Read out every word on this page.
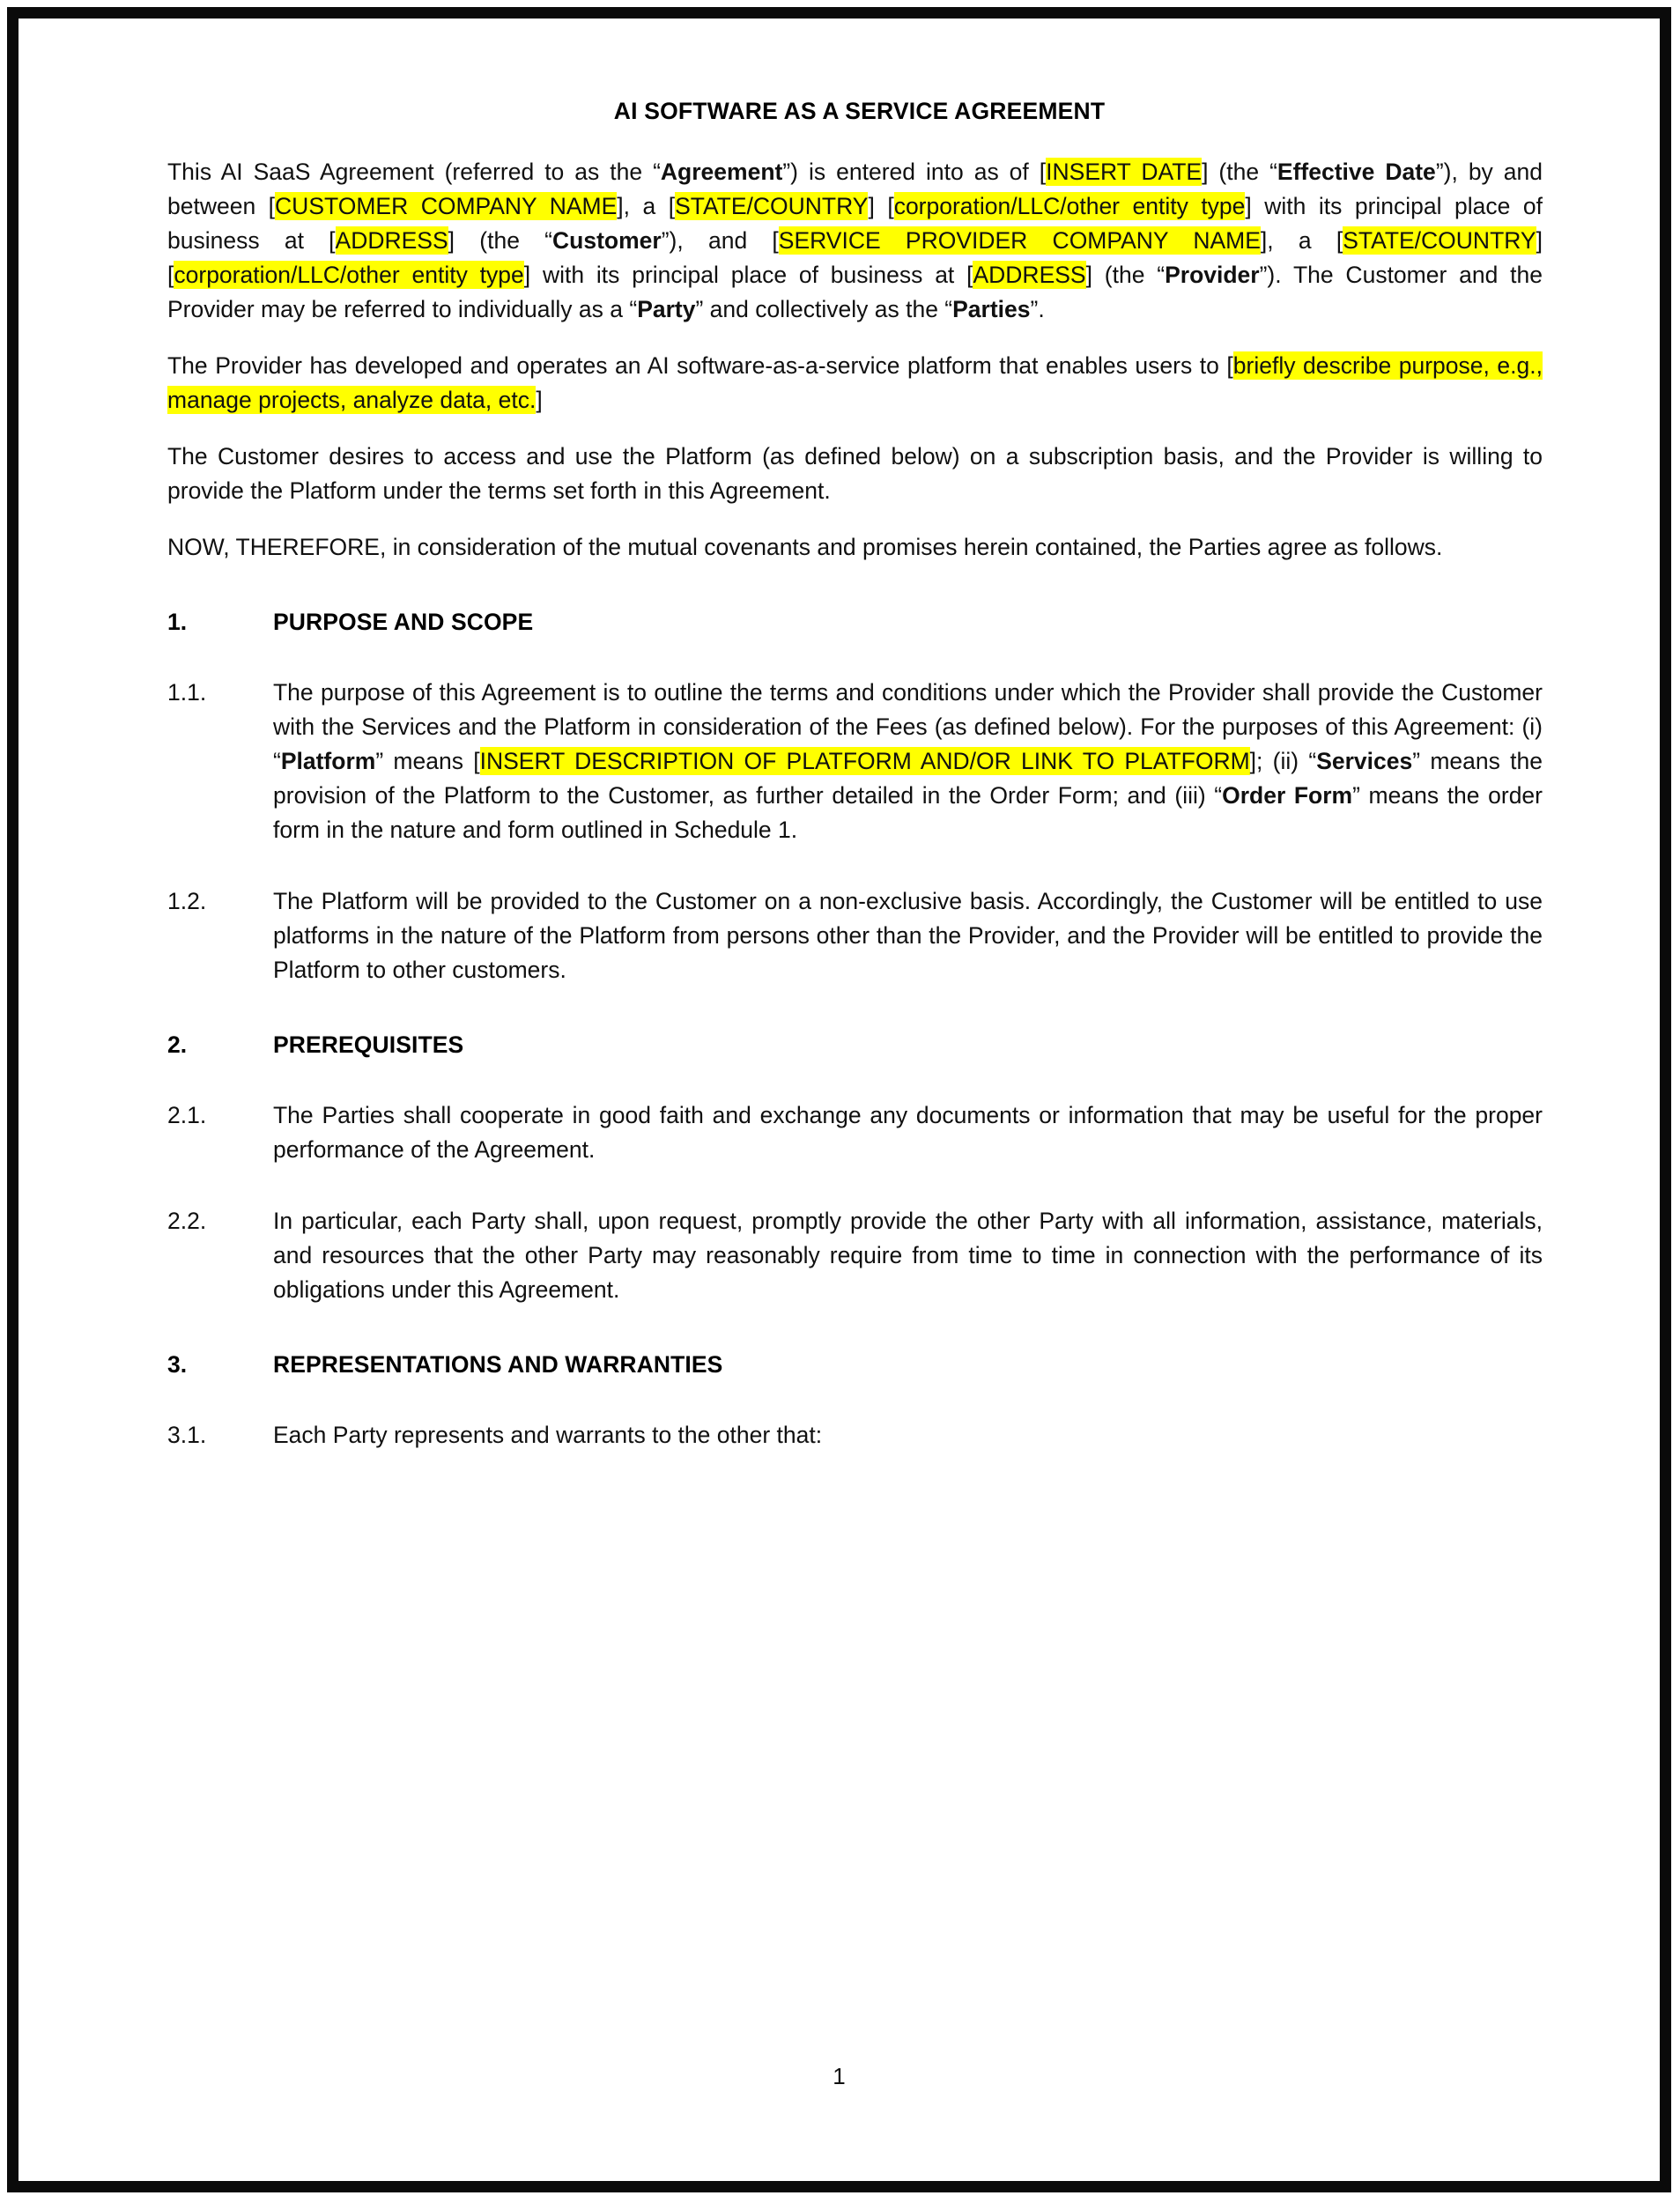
AI SOFTWARE AS A SERVICE AGREEMENT

This AI SaaS Agreement (referred to as the “Agreement”) is entered into as of [INSERT DATE] (the “Effective Date”), by and between [CUSTOMER COMPANY NAME], a [STATE/COUNTRY] [corporation/LLC/other entity type] with its principal place of business at [ADDRESS] (the “Customer”), and [SERVICE PROVIDER COMPANY NAME], a [STATE/COUNTRY] [corporation/LLC/other entity type] with its principal place of business at [ADDRESS] (the “Provider”). The Customer and the Provider may be referred to individually as a “Party” and collectively as the “Parties”.

The Provider has developed and operates an AI software-as-a-service platform that enables users to [briefly describe purpose, e.g., manage projects, analyze data, etc.]

The Customer desires to access and use the Platform (as defined below) on a subscription basis, and the Provider is willing to provide the Platform under the terms set forth in this Agreement.

NOW, THEREFORE, in consideration of the mutual covenants and promises herein contained, the Parties agree as follows.

1.	PURPOSE AND SCOPE
1.1.	The purpose of this Agreement is to outline the terms and conditions under which the Provider shall provide the Customer with the Services and the Platform in consideration of the Fees (as defined below). For the purposes of this Agreement: (i) “Platform” means [INSERT DESCRIPTION OF PLATFORM AND/OR LINK TO PLATFORM]; (ii) “Services” means the provision of the Platform to the Customer, as further detailed in the Order Form; and (iii) “Order Form” means the order form in the nature and form outlined in Schedule 1.
1.2.	The Platform will be provided to the Customer on a non-exclusive basis. Accordingly, the Customer will be entitled to use platforms in the nature of the Platform from persons other than the Provider, and the Provider will be entitled to provide the Platform to other customers.
2.	PREREQUISITES
2.1.	The Parties shall cooperate in good faith and exchange any documents or information that may be useful for the proper performance of the Agreement.
2.2.	In particular, each Party shall, upon request, promptly provide the other Party with all information, assistance, materials, and resources that the other Party may reasonably require from time to time in connection with the performance of its obligations under this Agreement.
3.	REPRESENTATIONS AND WARRANTIES
3.1.	Each Party represents and warrants to the other that:
1
